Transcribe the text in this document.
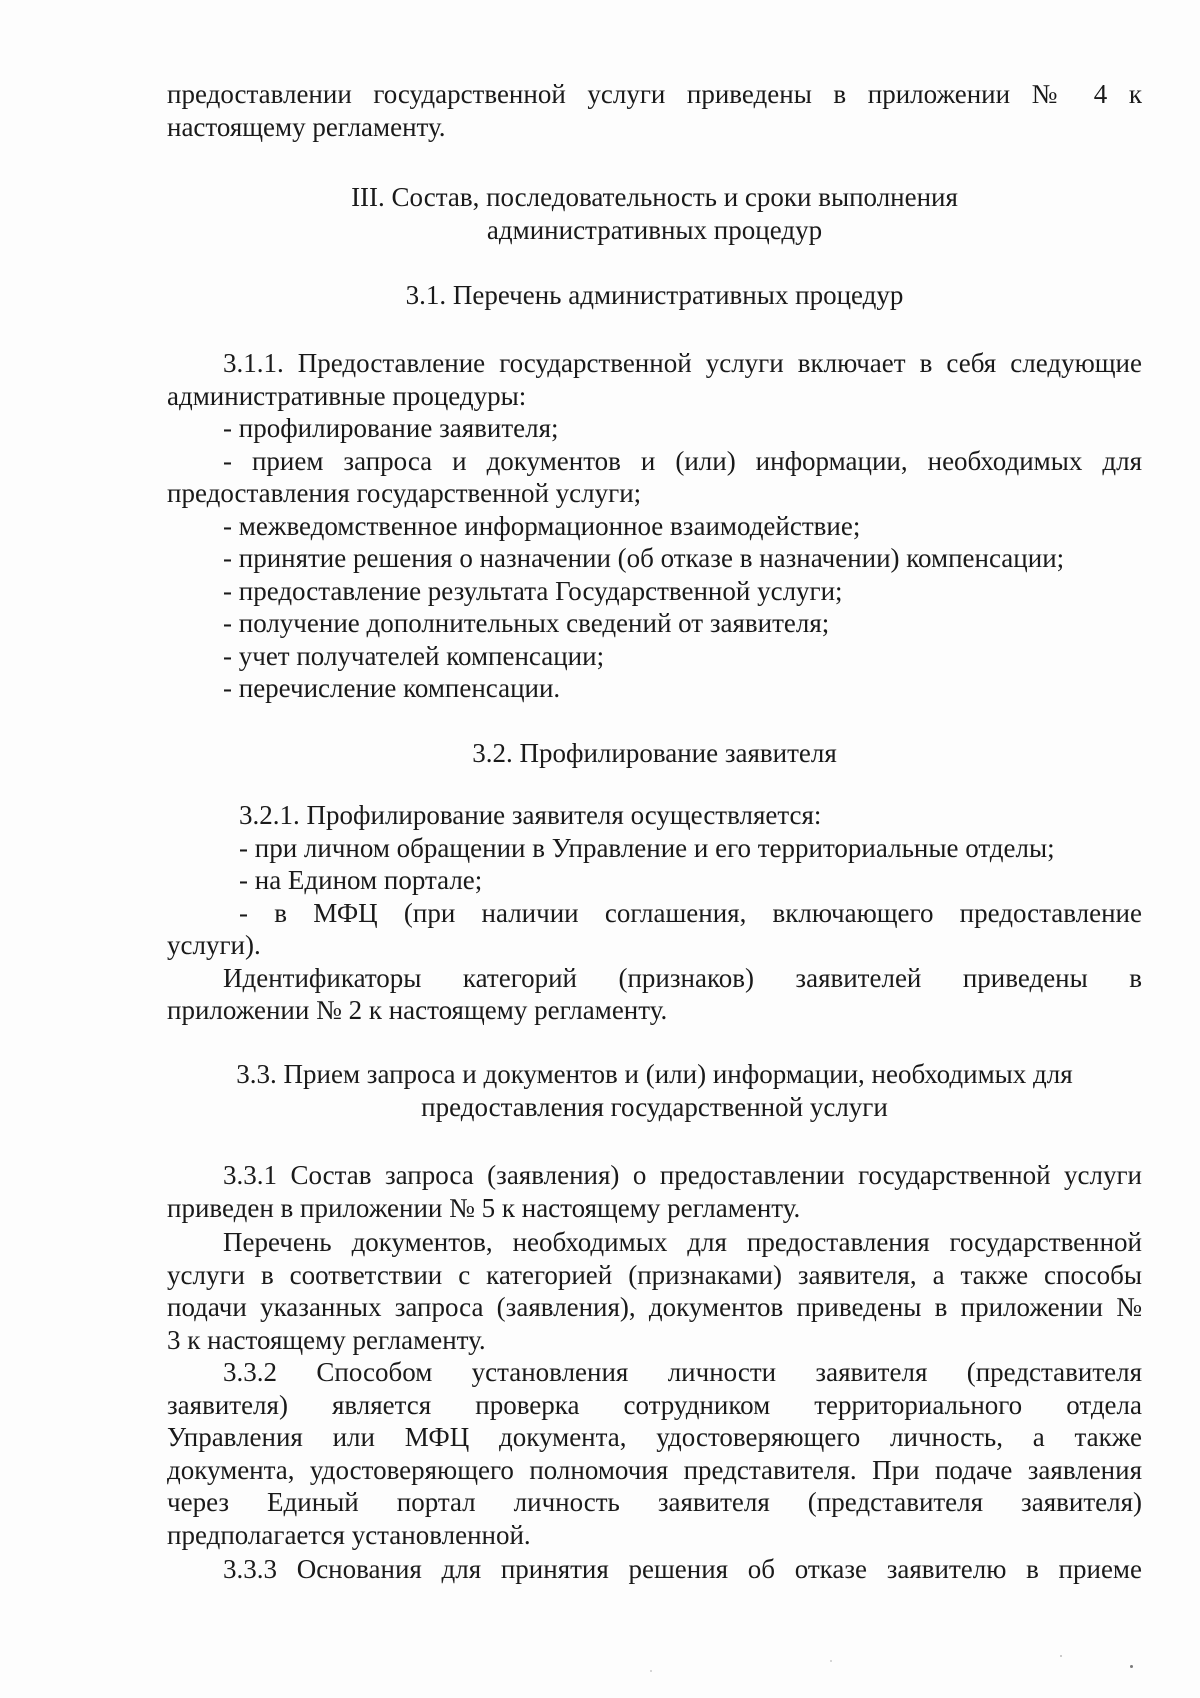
предоставлении государственной услуги приведены в приложении № 4 к

настоящему регламенту.

III. Состав, последовательность и сроки выполнения

административных процедур

3.1. Перечень административных процедур

3.1.1. Предоставление государственной услуги включает в себя следующие

административные процедуры:

- профилирование заявителя;

- прием запроса и документов и (или) информации, необходимых для

предоставления государственной услуги;

- межведомственное информационное взаимодействие;

- принятие решения о назначении (об отказе в назначении) компенсации;

- предоставление результата Государственной услуги;

- получение дополнительных сведений от заявителя;

- учет получателей компенсации;

- перечисление компенсации.

3.2. Профилирование заявителя

3.2.1. Профилирование заявителя осуществляется:

- при личном обращении в Управление и его территориальные отделы;

- на Едином портале;

- в МФЦ (при наличии соглашения, включающего предоставление

услуги).

Идентификаторы категорий (признаков) заявителей приведены в

приложении № 2 к настоящему регламенту.

3.3. Прием запроса и документов и (или) информации, необходимых для

предоставления государственной услуги

3.3.1 Состав запроса (заявления) о предоставлении государственной услуги

приведен в приложении № 5 к настоящему регламенту.

Перечень документов, необходимых для предоставления государственной

услуги в соответствии с категорией (признаками) заявителя, а также способы

подачи указанных запроса (заявления), документов приведены в приложении №

3 к настоящему регламенту.

3.3.2 Способом установления личности заявителя (представителя

заявителя) является проверка сотрудником территориального отдела

Управления или МФЦ документа, удостоверяющего личность, а также

документа, удостоверяющего полномочия представителя. При подаче заявления

через Единый портал личность заявителя (представителя заявителя)

предполагается установленной.

3.3.3 Основания для принятия решения об отказе заявителю в приеме
